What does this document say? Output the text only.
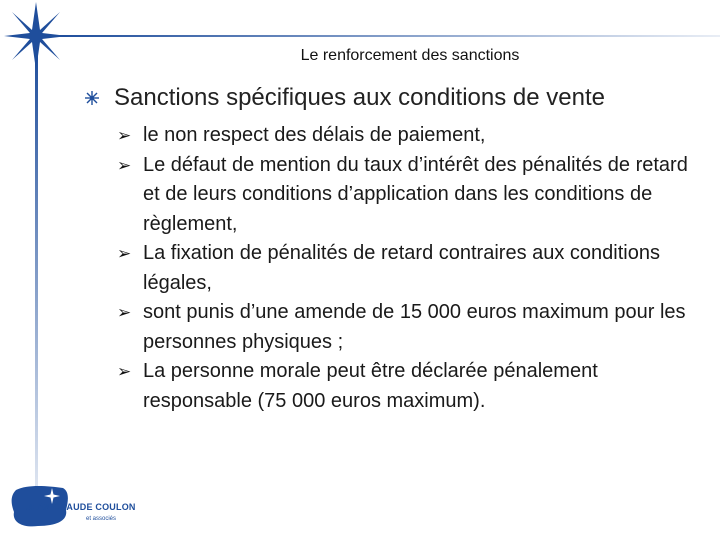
Le renforcement des sanctions
Sanctions spécifiques aux conditions de vente
➢ le non respect des délais de paiement,
➢ Le défaut de mention du taux d’intérêt des pénalités de retard et de leurs conditions d’application dans les conditions de règlement,
➢ La fixation de pénalités de retard contraires aux conditions légales,
➢ sont punis d’une amende de 15 000 euros maximum pour les personnes physiques ;
➢ La personne morale peut être déclarée pénalement responsable (75 000 euros maximum).
JEAN-CLAUDE COULON
et associés
